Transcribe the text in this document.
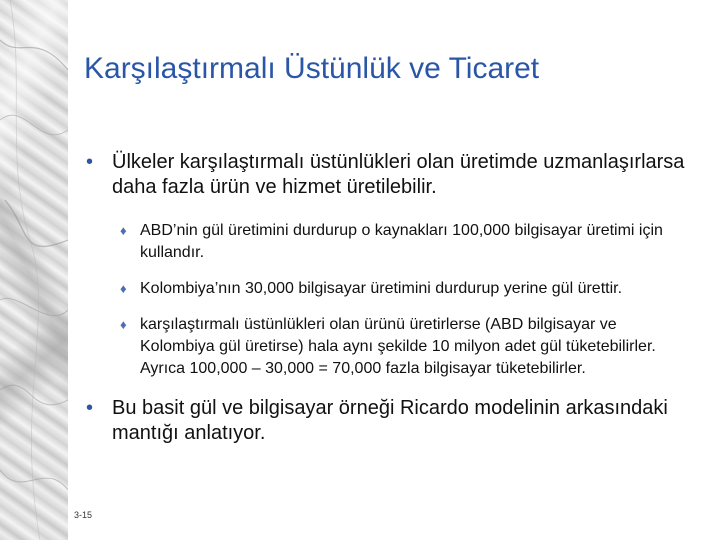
Karşılaştırmalı Üstünlük ve Ticaret
• Ülkeler karşılaştırmalı üstünlükleri olan üretimde uzmanlaşırlarsa daha fazla ürün ve hizmet üretilebilir.
♦ ABD’nin gül üretimini durdurup o kaynakları 100,000 bilgisayar üretimi için kullandır.
♦ Kolombiya’nın 30,000 bilgisayar üretimini durdurup yerine gül ürettir.
♦ karşılaştırmalı üstünlükleri olan ürünü üretirlerse (ABD bilgisayar ve Kolombiya gül üretirse) hala aynı şekilde 10 milyon adet gül tüketebilirler. Ayrıca 100,000 – 30,000 = 70,000 fazla bilgisayar tüketebilirler.
• Bu basit gül ve bilgisayar örneği Ricardo modelinin arkasındaki mantığı anlatıyor.
3-15
